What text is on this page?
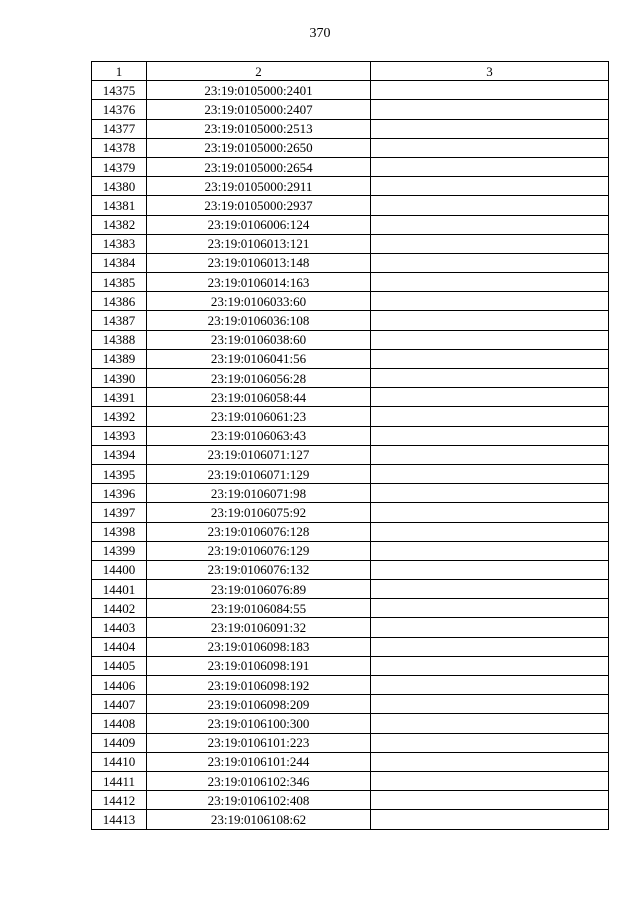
370
1	2	3
14375	23:19:0105000:2401	
14376	23:19:0105000:2407	
14377	23:19:0105000:2513	
14378	23:19:0105000:2650	
14379	23:19:0105000:2654	
14380	23:19:0105000:2911	
14381	23:19:0105000:2937	
14382	23:19:0106006:124	
14383	23:19:0106013:121	
14384	23:19:0106013:148	
14385	23:19:0106014:163	
14386	23:19:0106033:60	
14387	23:19:0106036:108	
14388	23:19:0106038:60	
14389	23:19:0106041:56	
14390	23:19:0106056:28	
14391	23:19:0106058:44	
14392	23:19:0106061:23	
14393	23:19:0106063:43	
14394	23:19:0106071:127	
14395	23:19:0106071:129	
14396	23:19:0106071:98	
14397	23:19:0106075:92	
14398	23:19:0106076:128	
14399	23:19:0106076:129	
14400	23:19:0106076:132	
14401	23:19:0106076:89	
14402	23:19:0106084:55	
14403	23:19:0106091:32	
14404	23:19:0106098:183	
14405	23:19:0106098:191	
14406	23:19:0106098:192	
14407	23:19:0106098:209	
14408	23:19:0106100:300	
14409	23:19:0106101:223	
14410	23:19:0106101:244	
14411	23:19:0106102:346	
14412	23:19:0106102:408	
14413	23:19:0106108:62	
